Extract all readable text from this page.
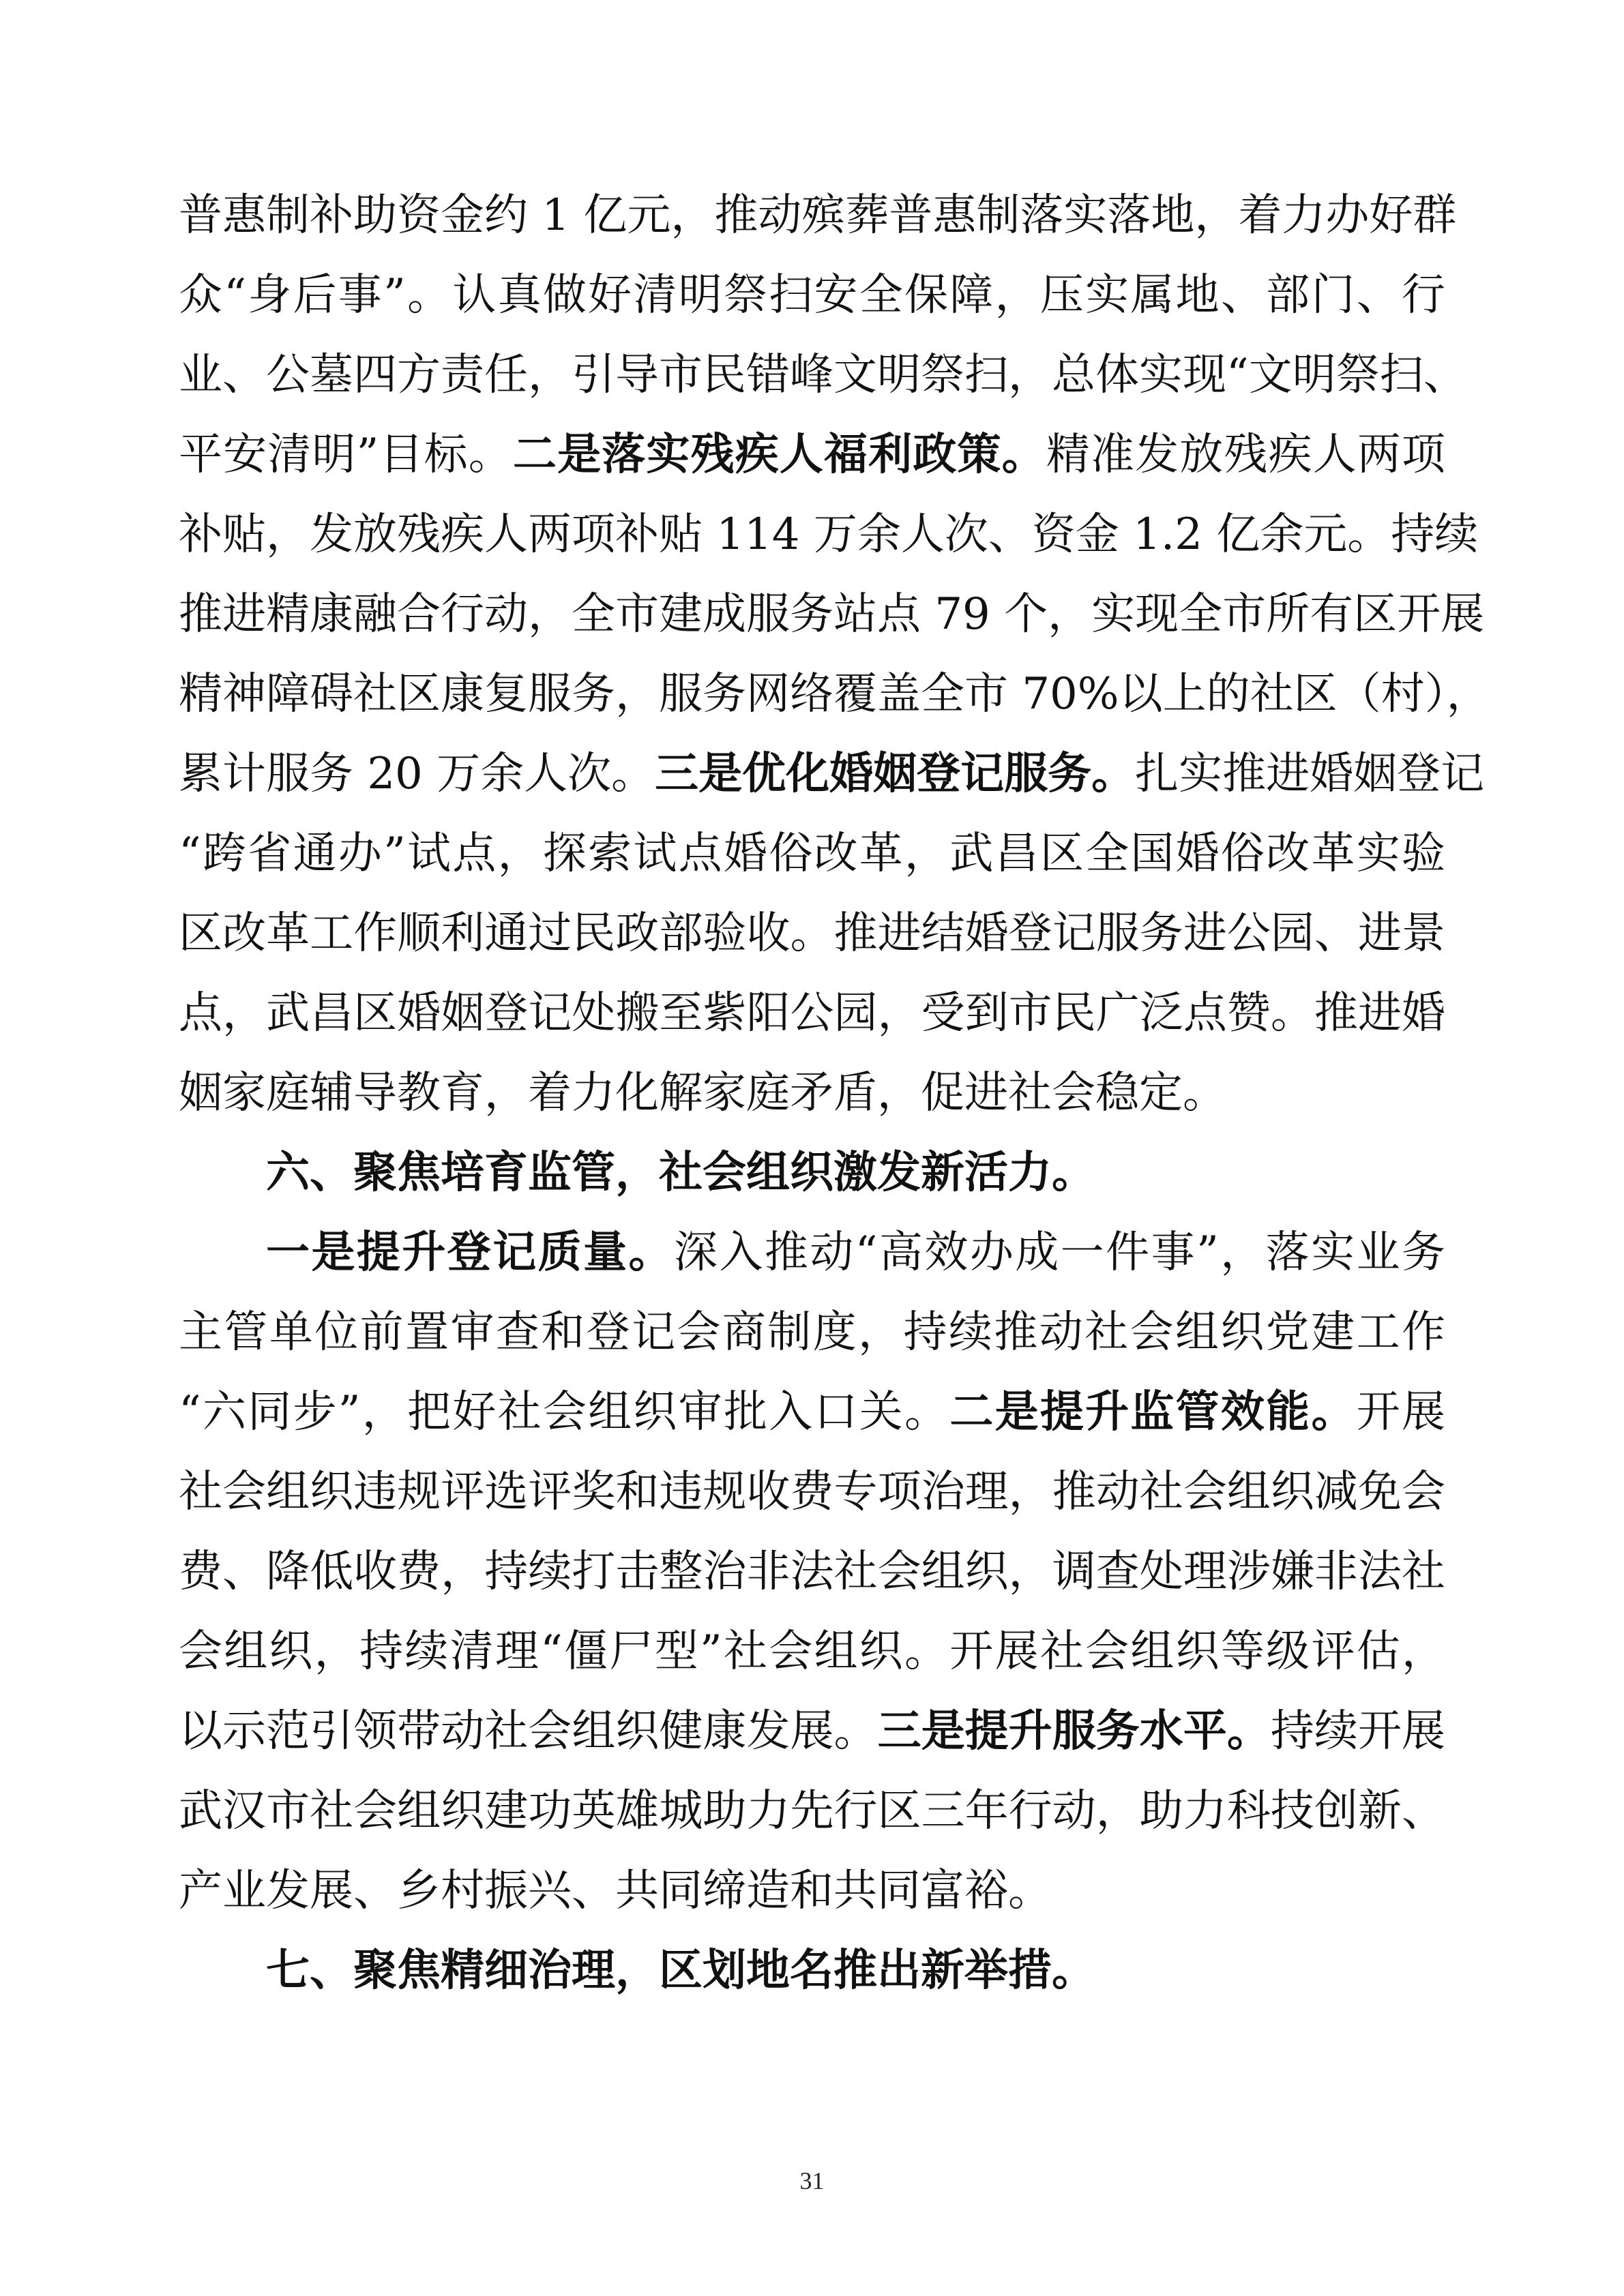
普惠制补助资金约 1 亿元，推动殡葬普惠制落实落地，着力办好群
众“身后事”。认真做好清明祭扫安全保障，压实属地、部门、行
业、公墓四方责任，引导市民错峰文明祭扫，总体实现“文明祭扫、
平安清明”目标。二是落实残疾人福利政策。精准发放残疾人两项
补贴，发放残疾人两项补贴 114 万余人次、资金 1.2 亿余元。持续
推进精康融合行动，全市建成服务站点 79 个，实现全市所有区开展
精神障碍社区康复服务，服务网络覆盖全市 70%以上的社区（村），
累计服务 20 万余人次。三是优化婚姻登记服务。扎实推进婚姻登记
“跨省通办”试点，探索试点婚俗改革，武昌区全国婚俗改革实验
区改革工作顺利通过民政部验收。推进结婚登记服务进公园、进景
点，武昌区婚姻登记处搬至紫阳公园，受到市民广泛点赞。推进婚
姻家庭辅导教育，着力化解家庭矛盾，促进社会稳定。
六、聚焦培育监管，社会组织激发新活力。
一是提升登记质量。深入推动“高效办成一件事”，落实业务
主管单位前置审查和登记会商制度，持续推动社会组织党建工作
“六同步”，把好社会组织审批入口关。二是提升监管效能。开展
社会组织违规评选评奖和违规收费专项治理，推动社会组织减免会
费、降低收费，持续打击整治非法社会组织，调查处理涉嫌非法社
会组织，持续清理“僵尸型”社会组织。开展社会组织等级评估，
以示范引领带动社会组织健康发展。三是提升服务水平。持续开展
武汉市社会组织建功英雄城助力先行区三年行动，助力科技创新、
产业发展、乡村振兴、共同缔造和共同富裕。
七、聚焦精细治理，区划地名推出新举措。
31
